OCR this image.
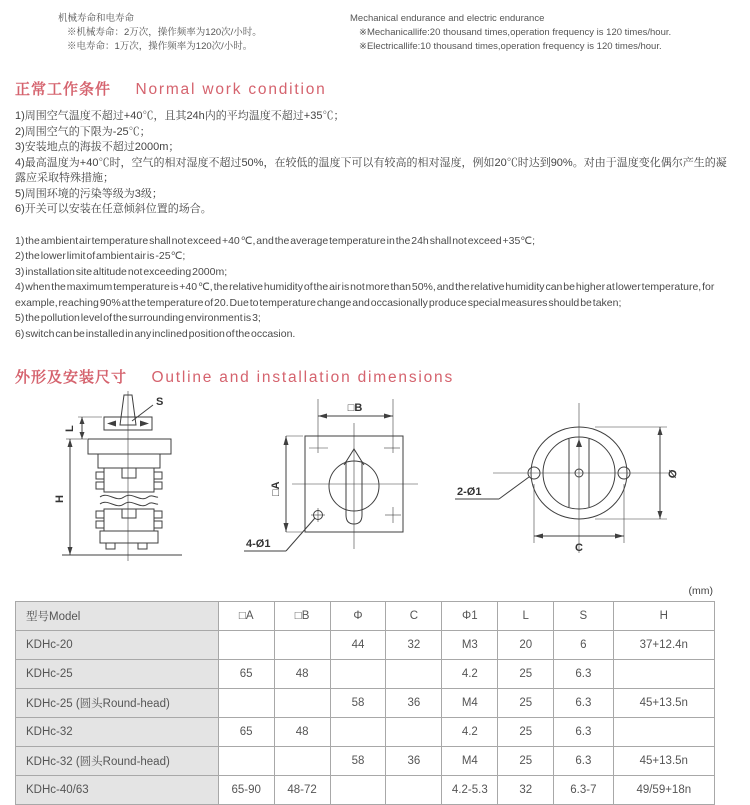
机械寿命和电寿命
※机械寿命：2万次，操作频率为120次/小时。
※电寿命：1万次，操作频率为120次/小时。
Mechanical endurance and electric endurance
※Mechanicallife:20 thousand times,operation frequency is 120 times/hour.
※Electricallife:10 thousand times,operation frequency is 120 times/hour.
正常工作条件 Normal work condition
1)周围空气温度不超过+40℃，且其24h内的平均温度不超过+35℃；
2)周围空气的下限为-25℃；
3)安装地点的海拔不超过2000m；
4)最高温度为+40℃时，空气的相对湿度不超过50%，在较低的温度下可以有较高的相对湿度，例如20℃时达到90%。对由于温度变化偶尔产生的凝露应采取特殊措施；
5)周围环境的污染等级为3级；
6)开关可以安装在任意倾斜位置的场合。
1) the ambient air temperature shall not exceed +40 ℃, and the average temperature in the 24h shall not exceed +35℃;
2) the lower limit of ambient air is -25℃;
3) installation site altitude not exceeding 2000m;
4) when the maximum temperature is +40 ℃, the relative humidity of the air is not more than 50%, and the relative humidity can be higher at lower temperature, for example, reaching 90% at the temperature of 20. Due to temperature change and occasionally produce special measures should be taken;
5) the pollution level of the surrounding environment is 3;
6) switch can be installed in any inclined position of the occasion.
外形及安装尺寸 Outline and installation dimensions
S
L
H
□B
□A
4-Ø1
Ø
C
2-Ø1
(mm)
型号Model	□A	□B	Φ	C	Φ1	L	S	H
KDHc-20			44	32	M3	20	6	37+12.4n
KDHc-25	65	48			4.2	25	6.3	
KDHc-25 (圆头Round-head)			58	36	M4	25	6.3	45+13.5n
KDHc-32	65	48			4.2	25	6.3	
KDHc-32 (圆头Round-head)			58	36	M4	25	6.3	45+13.5n
KDHc-40/63	65-90	48-72			4.2-5.3	32	6.3-7	49/59+18n
